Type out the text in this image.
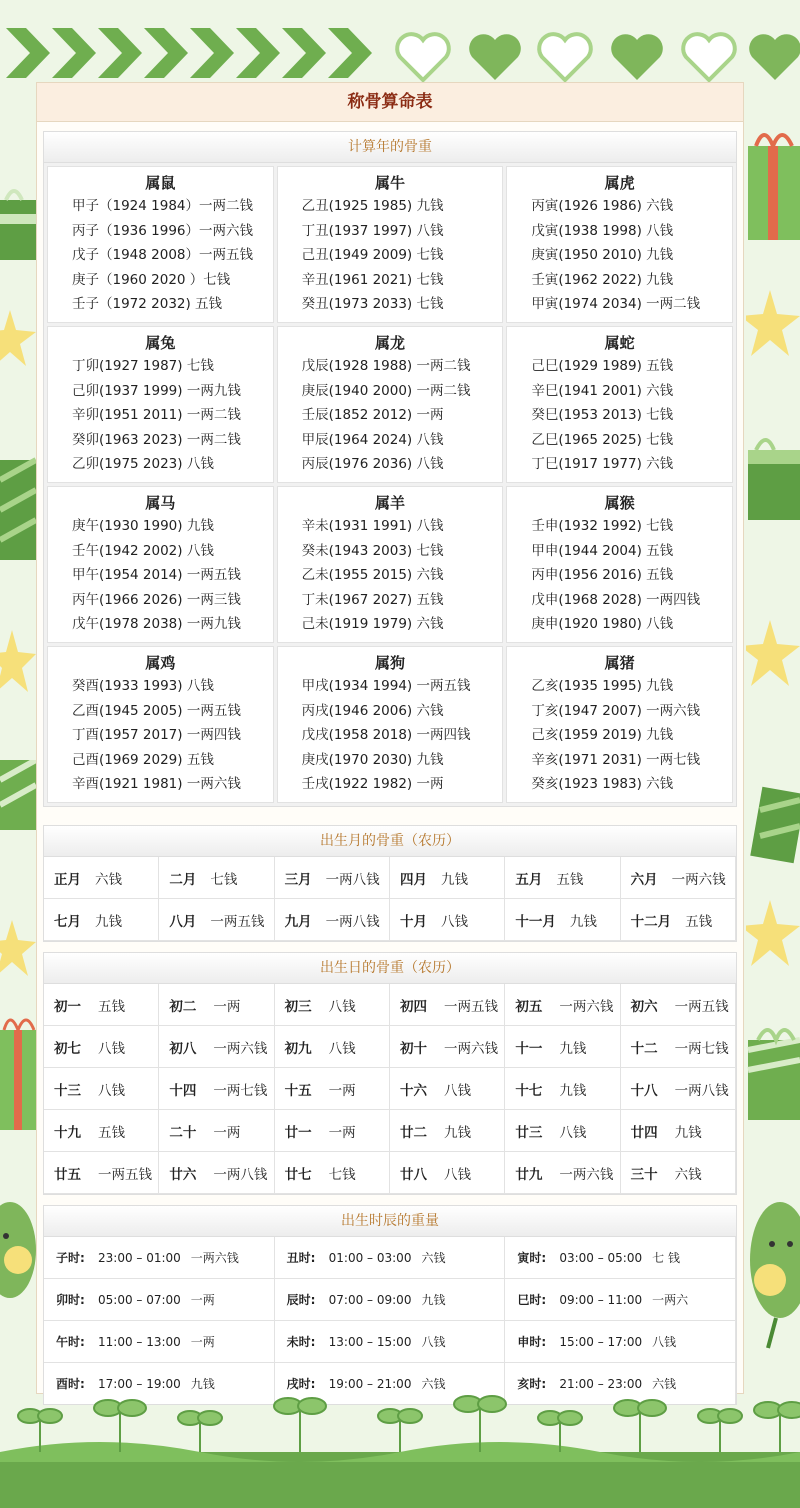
称骨算命表
计算年的骨重
属鼠
甲子（1924 1984）一两二钱
丙子（1936 1996）一两六钱
戊子（1948 2008）一两五钱
庚子（1960 2020 ）七钱
壬子（1972 2032) 五钱
属牛
乙丑(1925 1985) 九钱
丁丑(1937 1997) 八钱
己丑(1949 2009) 七钱
辛丑(1961 2021) 七钱
癸丑(1973 2033) 七钱
属虎
丙寅(1926 1986) 六钱
戊寅(1938 1998) 八钱
庚寅(1950 2010) 九钱
壬寅(1962 2022) 九钱
甲寅(1974 2034) 一两二钱
属兔
丁卯(1927 1987) 七钱
己卯(1937 1999) 一两九钱
辛卯(1951 2011) 一两二钱
癸卯(1963 2023) 一两二钱
乙卯(1975 2023) 八钱
属龙
戊辰(1928 1988) 一两二钱
庚辰(1940 2000) 一两二钱
壬辰(1852 2012) 一两
甲辰(1964 2024) 八钱
丙辰(1976 2036) 八钱
属蛇
己巳(1929 1989) 五钱
辛巳(1941 2001) 六钱
癸巳(1953 2013) 七钱
乙巳(1965 2025) 七钱
丁巳(1917 1977) 六钱
属马
庚午(1930 1990) 九钱
壬午(1942 2002) 八钱
甲午(1954 2014) 一两五钱
丙午(1966 2026) 一两三钱
戊午(1978 2038) 一两九钱
属羊
辛未(1931 1991) 八钱
癸未(1943 2003) 七钱
乙未(1955 2015) 六钱
丁未(1967 2027) 五钱
己未(1919 1979) 六钱
属猴
壬申(1932 1992) 七钱
甲申(1944 2004) 五钱
丙申(1956 2016) 五钱
戊申(1968 2028) 一两四钱
庚申(1920 1980) 八钱
属鸡
癸酉(1933 1993) 八钱
乙酉(1945 2005) 一两五钱
丁酉(1957 2017) 一两四钱
己酉(1969 2029) 五钱
辛酉(1921 1981) 一两六钱
属狗
甲戌(1934 1994) 一两五钱
丙戌(1946 2006) 六钱
戊戌(1958 2018) 一两四钱
庚戌(1970 2030) 九钱
壬戌(1922 1982) 一两
属猪
乙亥(1935 1995) 九钱
丁亥(1947 2007) 一两六钱
己亥(1959 2019) 九钱
辛亥(1971 2031) 一两七钱
癸亥(1923 1983) 六钱
出生月的骨重（农历）
正月 六钱	二月 七钱	三月 一两八钱 四月 九钱	五月 五钱	六月 一两六钱
七月 九钱	八月 一两五钱 九月 一两八钱 十月 八钱	十一月 九钱	十二月 五钱
出生日的骨重（农历）
初一	五钱	初二	一两	初三	八钱	初四	一两五钱 初五	一两六钱 初六	一两五钱
初七	八钱	初八	一两六钱 初九	八钱	初十	一两六钱 十一	九钱	十二	一两七钱
十三	八钱	十四	一两七钱 十五	一两	十六	八钱	十七	九钱	十八	一两八钱
十九	五钱	二十	一两	廿一	一两	廿二	九钱	廿三	八钱	廿四	九钱
廿五	一两五钱 廿六	一两八钱 廿七	七钱	廿八	八钱	廿九	一两六钱 三十	六钱
出生时辰的重量
子时:	23:00 – 01:00 一两六钱	丑时:	01:00 – 03:00 六钱	寅时:	03:00 – 05:00 七 钱
卯时:	05:00 – 07:00 一两	辰时:	07:00 – 09:00 九钱	巳时:	09:00 – 11:00 一两六
午时:	11:00 – 13:00 一两	未时:	13:00 – 15:00 八钱	申时:	15:00 – 17:00 八钱
酉时:	17:00 – 19:00 九钱	戌时:	19:00 – 21:00 六钱	亥时:	21:00 – 23:00 六钱
